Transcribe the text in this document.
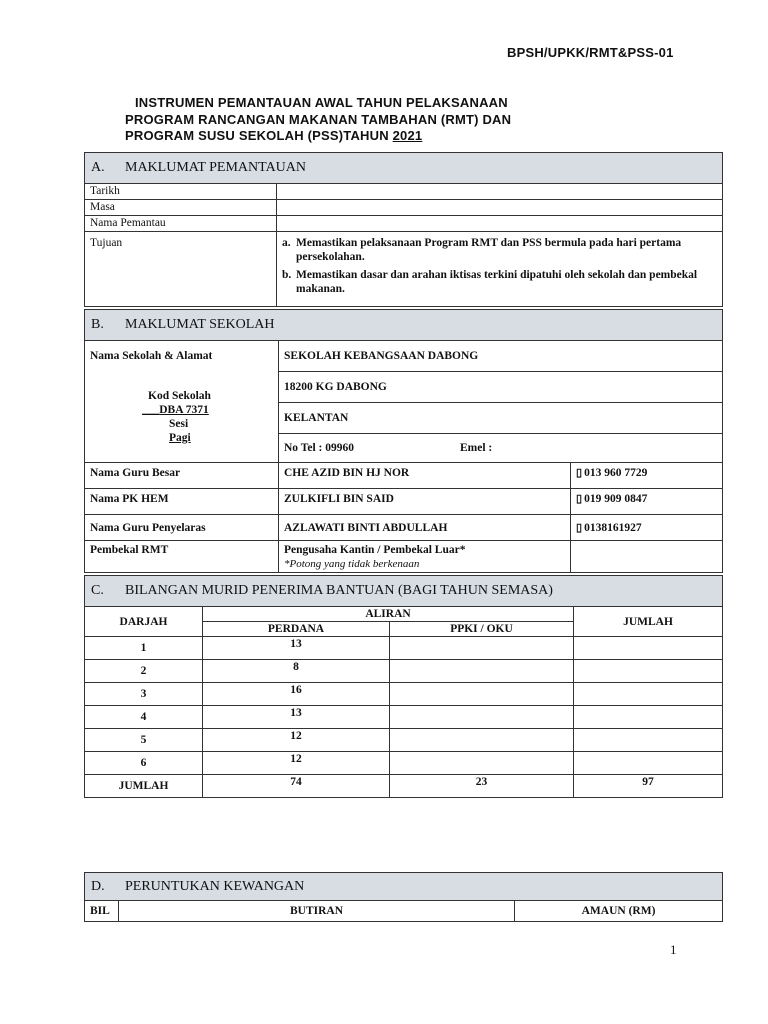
BPSH/UPKK/RMT&PSS-01
INSTRUMEN PEMANTAUAN AWAL TAHUN PELAKSANAAN
PROGRAM RANCANGAN MAKANAN TAMBAHAN (RMT) DAN
PROGRAM SUSU SEKOLAH (PSS)TAHUN 2021
A. MAKLUMAT PEMANTAUAN	
Tarikh	
Masa	
Nama Pemantau	
Tujuan	a. Memastikan pelaksanaan Program RMT dan PSS bermula pada hari pertama persekolahan.
b. Memastikan dasar dan arahan iktisas terkini dipatuhi oleh sekolah dan pembekal makanan.
B. MAKLUMAT SEKOLAH		

Nama Sekolah & Alamat
Kod Sekolah
___DBA 7371
Sesi
Pagi	SEKOLAH KEBANGSAAN DABONG	
	18200 KG DABONG	
	KELANTAN	
	No Tel : 09960 Emel :	
Nama Guru Besar	CHE AZID BIN HJ NOR	▯ 013 960 7729
Nama PK HEM	ZULKIFLI BIN SAID	▯ 019 909 0847
Nama Guru Penyelaras	AZLAWATI BINTI ABDULLAH	▯ 0138161927
Pembekal RMT	Pengusaha Kantin / Pembekal Luar*
*Potong yang tidak berkenaan	

C. BILANGAN MURID PENERIMA BANTUAN (BAGI TAHUN SEMASA)			
DARJAH	ALIRAN		JUMLAH
	PERDANA	PPKI / OKU	
1	13		
2	8		
3	16		
4	13		
5	12		
6	12		
JUMLAH	74	23	97
D. PERUNTUKAN KEWANGAN
BIL	BUTIRAN	AMAUN (RM)
1
